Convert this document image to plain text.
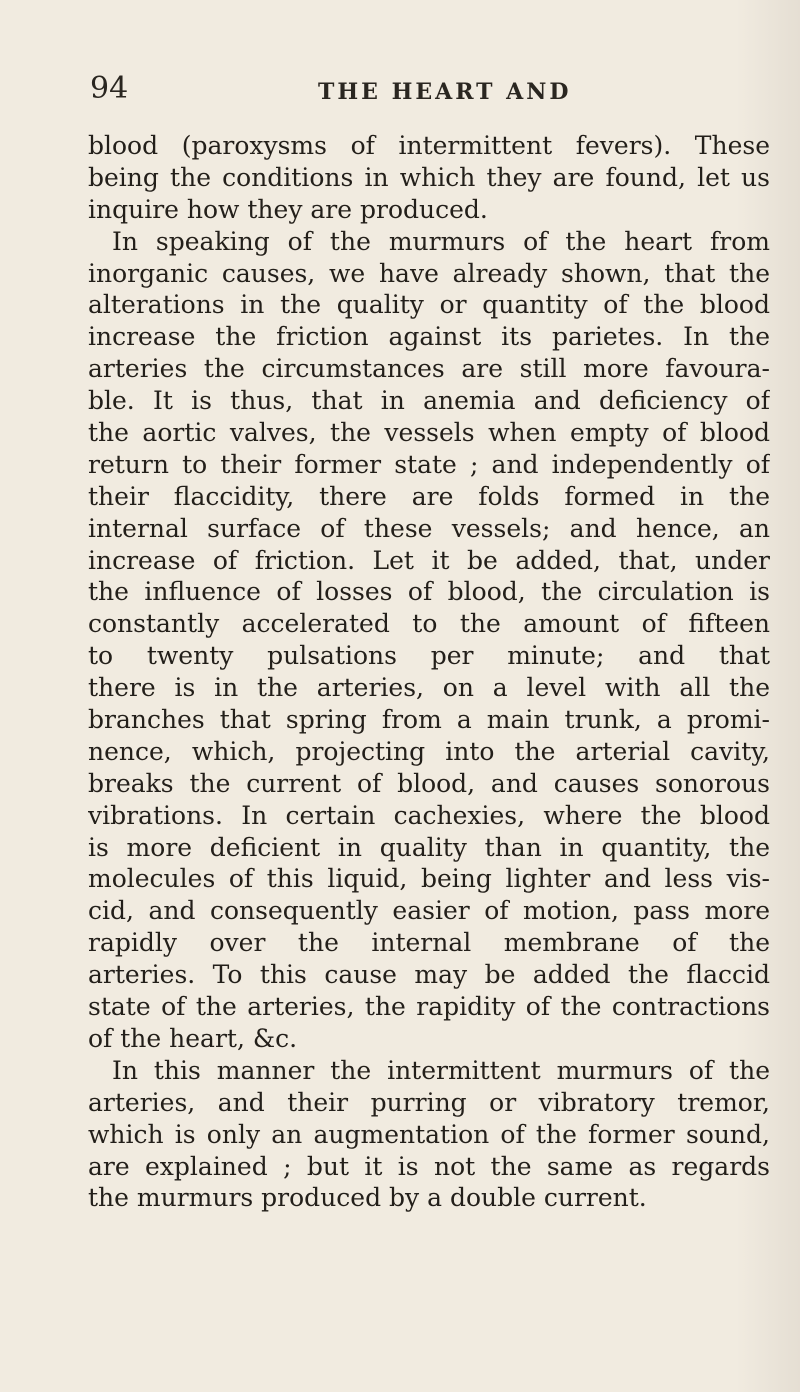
94	THE HEART AND
blood (paroxysms of intermittent fevers). These
being the conditions in which they are found, let us
inquire how they are produced.
In speaking of the murmurs of the heart from
inorganic causes, we have already shown, that the
alterations in the quality or quantity of the blood
increase the friction against its parietes. In the
arteries the circumstances are still more favoura-
ble. It is thus, that in anemia and deficiency of
the aortic valves, the vessels when empty of blood
return to their former state ; and independently of
their flaccidity, there are folds formed in the
internal surface of these vessels; and hence, an
increase of friction. Let it be added, that, under
the influence of losses of blood, the circulation is
constantly accelerated to the amount of fifteen
to twenty pulsations per minute; and that
there is in the arteries, on a level with all the
branches that spring from a main trunk, a promi-
nence, which, projecting into the arterial cavity,
breaks the current of blood, and causes sonorous
vibrations. In certain cachexies, where the blood
is more deficient in quality than in quantity, the
molecules of this liquid, being lighter and less vis-
cid, and consequently easier of motion, pass more
rapidly over the internal membrane of the
arteries. To this cause may be added the flaccid
state of the arteries, the rapidity of the contractions
of the heart, &c.
In this manner the intermittent murmurs of the
arteries, and their purring or vibratory tremor,
which is only an augmentation of the former sound,
are explained ; but it is not the same as regards
the murmurs produced by a double current.
